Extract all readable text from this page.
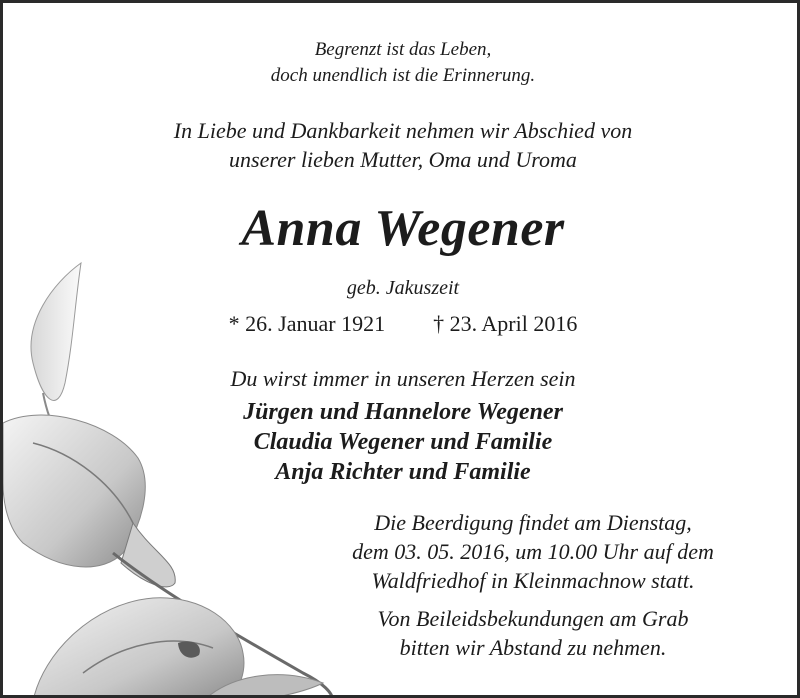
Begrenzt ist das Leben,
doch unendlich ist die Erinnerung.
In Liebe und Dankbarkeit nehmen wir Abschied von
unserer lieben Mutter, Oma und Uroma
Anna Wegener
geb. Jakuszeit
* 26. Januar 1921 † 23. April 2016
Du wirst immer in unseren Herzen sein
Jürgen und Hannelore Wegener
Claudia Wegener und Familie
Anja Richter und Familie
Die Beerdigung findet am Dienstag,
dem 03. 05. 2016, um 10.00 Uhr auf dem
Waldfriedhof in Kleinmachnow statt.
Von Beileidsbekundungen am Grab
bitten wir Abstand zu nehmen.
